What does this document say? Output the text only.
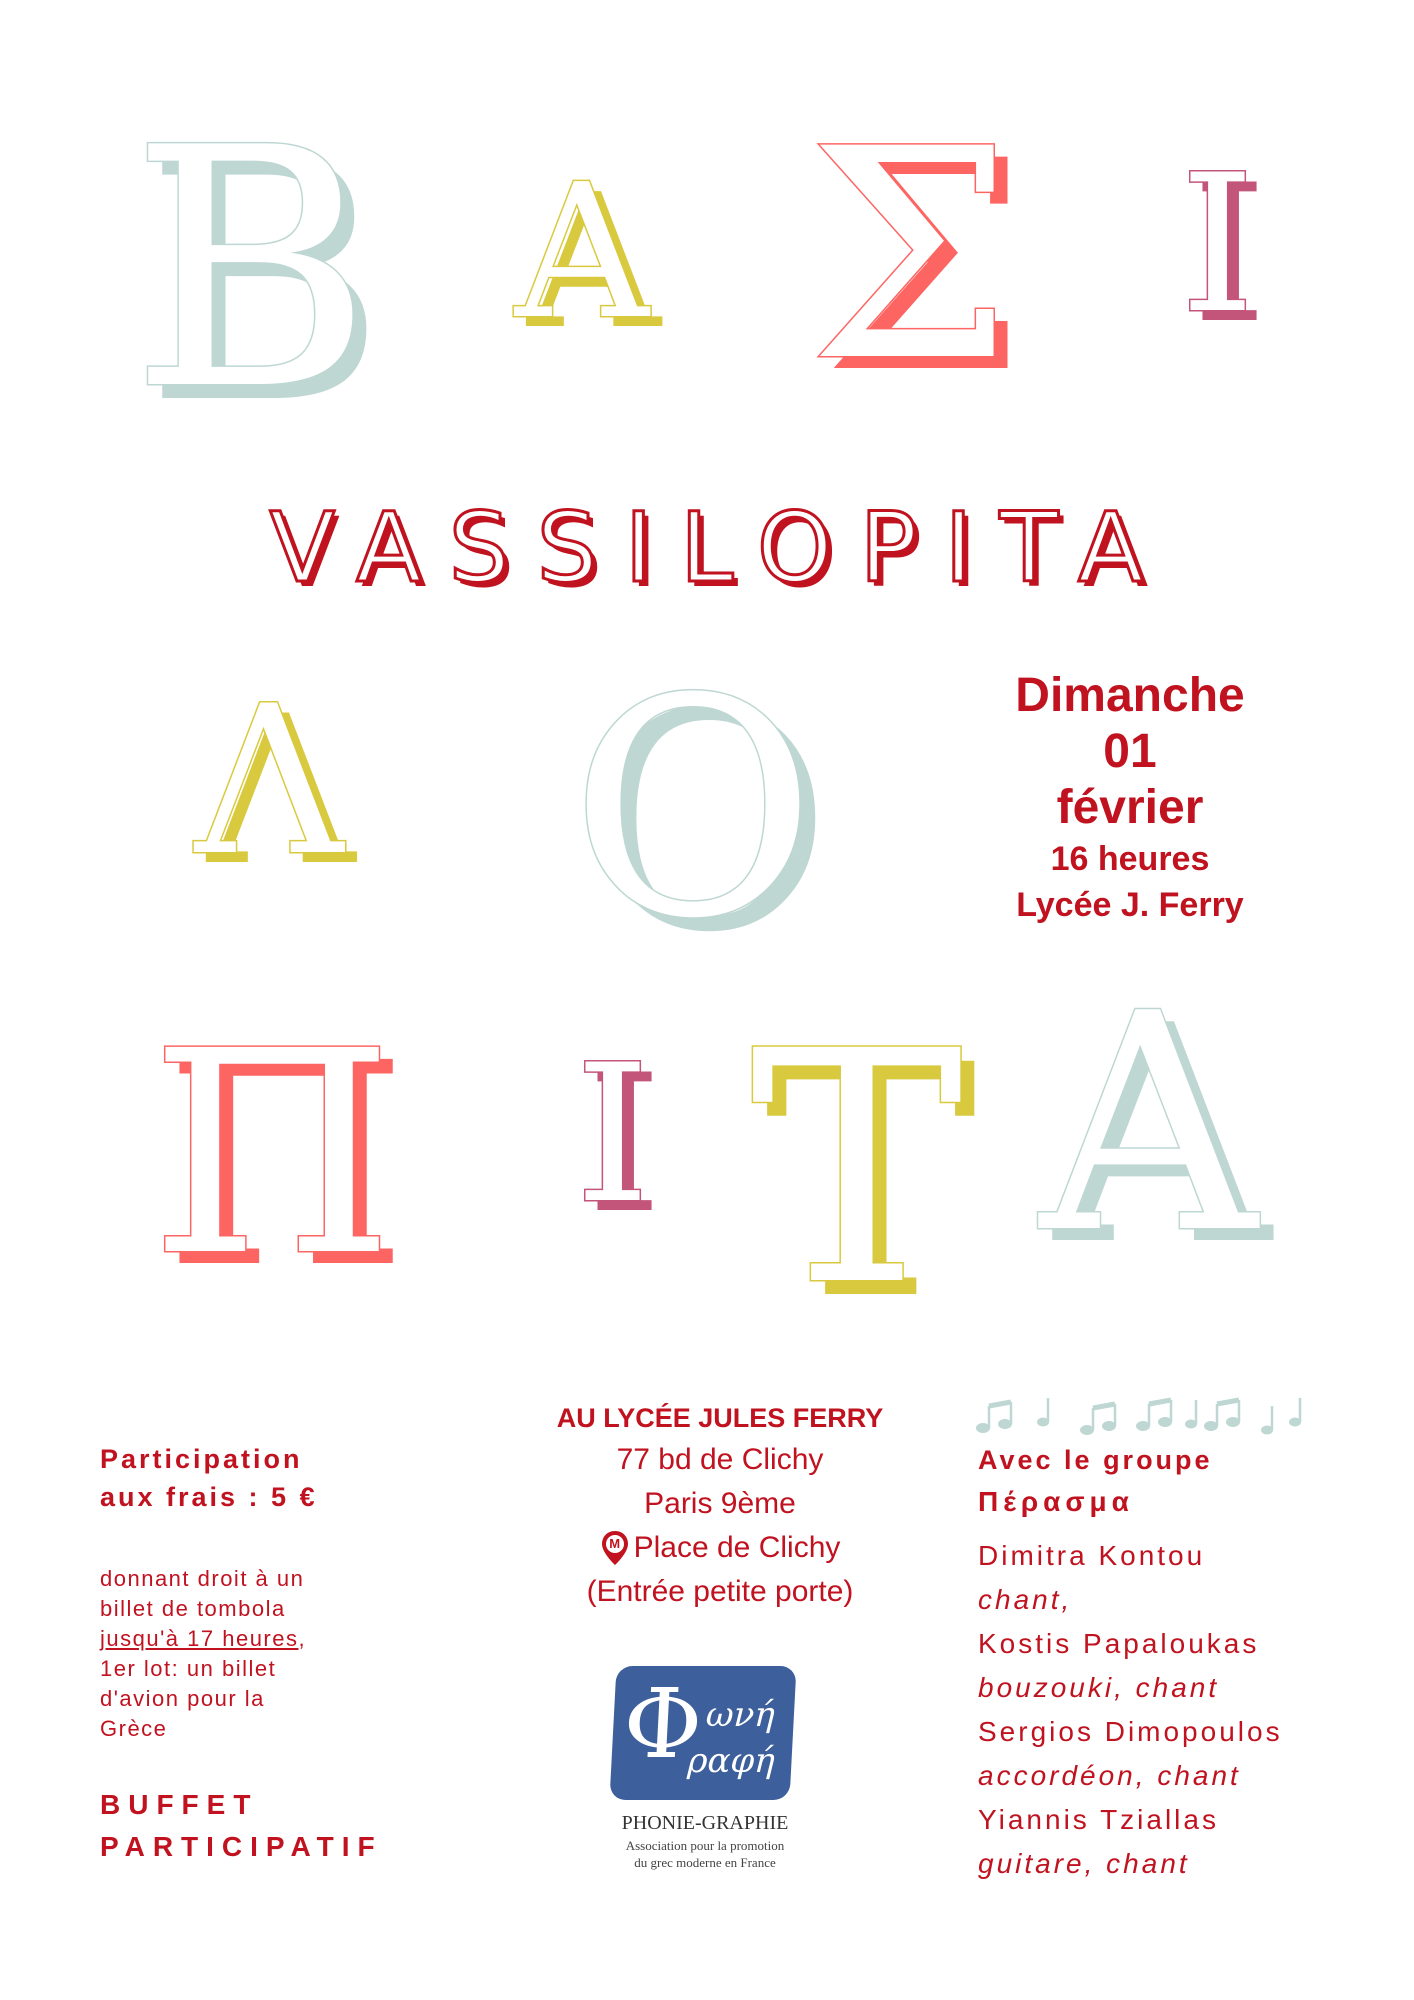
Β Α Σ Ι
VASSILOPITA
Λ Ο	Dimanche
01
février
16 heures
Lycée J. Ferry
Π Ι Τ Α
Participation
aux frais : 5 €
donnant droit à un
billet de tombola
jusqu'à 17 heures,
1er lot: un billet
d'avion pour la
Grèce
BUFFET
PARTICIPATIF
AU LYCÉE JULES FERRY
77 bd de Clichy
Paris 9ème
M Place de Clichy
(Entrée petite porte)
Φ ωνή
ραφή
PHONIE-GRAPHIE
Association pour la promotion
du grec moderne en France
Avec le groupe
Πέρασμα
Dimitra Kontou
chant,
Kostis Papaloukas
bouzouki, chant
Sergios Dimopoulos
accordéon, chant
Yiannis Tziallas
guitare, chant
